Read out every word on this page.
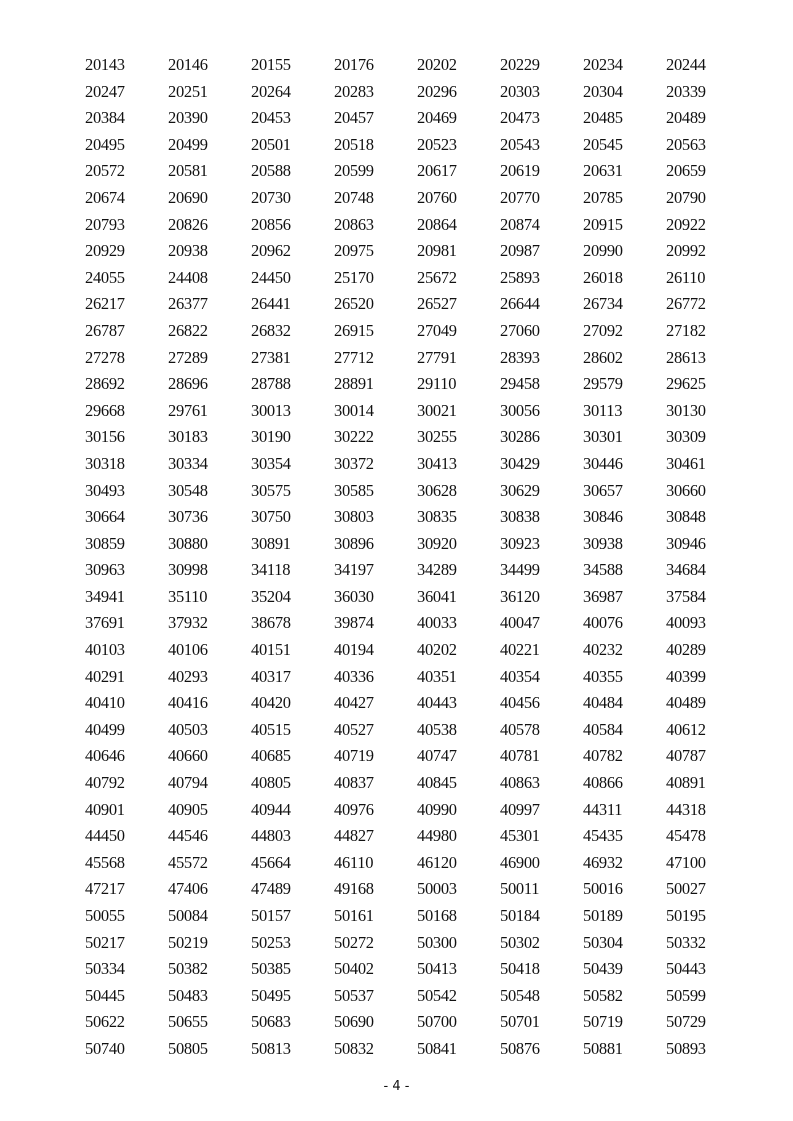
20143	20146	20155	20176	20202	20229	20234	20244
20247	20251	20264	20283	20296	20303	20304	20339
20384	20390	20453	20457	20469	20473	20485	20489
20495	20499	20501	20518	20523	20543	20545	20563
20572	20581	20588	20599	20617	20619	20631	20659
20674	20690	20730	20748	20760	20770	20785	20790
20793	20826	20856	20863	20864	20874	20915	20922
20929	20938	20962	20975	20981	20987	20990	20992
24055	24408	24450	25170	25672	25893	26018	26110
26217	26377	26441	26520	26527	26644	26734	26772
26787	26822	26832	26915	27049	27060	27092	27182
27278	27289	27381	27712	27791	28393	28602	28613
28692	28696	28788	28891	29110	29458	29579	29625
29668	29761	30013	30014	30021	30056	30113	30130
30156	30183	30190	30222	30255	30286	30301	30309
30318	30334	30354	30372	30413	30429	30446	30461
30493	30548	30575	30585	30628	30629	30657	30660
30664	30736	30750	30803	30835	30838	30846	30848
30859	30880	30891	30896	30920	30923	30938	30946
30963	30998	34118	34197	34289	34499	34588	34684
34941	35110	35204	36030	36041	36120	36987	37584
37691	37932	38678	39874	40033	40047	40076	40093
40103	40106	40151	40194	40202	40221	40232	40289
40291	40293	40317	40336	40351	40354	40355	40399
40410	40416	40420	40427	40443	40456	40484	40489
40499	40503	40515	40527	40538	40578	40584	40612
40646	40660	40685	40719	40747	40781	40782	40787
40792	40794	40805	40837	40845	40863	40866	40891
40901	40905	40944	40976	40990	40997	44311	44318
44450	44546	44803	44827	44980	45301	45435	45478
45568	45572	45664	46110	46120	46900	46932	47100
47217	47406	47489	49168	50003	50011	50016	50027
50055	50084	50157	50161	50168	50184	50189	50195
50217	50219	50253	50272	50300	50302	50304	50332
50334	50382	50385	50402	50413	50418	50439	50443
50445	50483	50495	50537	50542	50548	50582	50599
50622	50655	50683	50690	50700	50701	50719	50729
50740	50805	50813	50832	50841	50876	50881	50893
- 4 -
